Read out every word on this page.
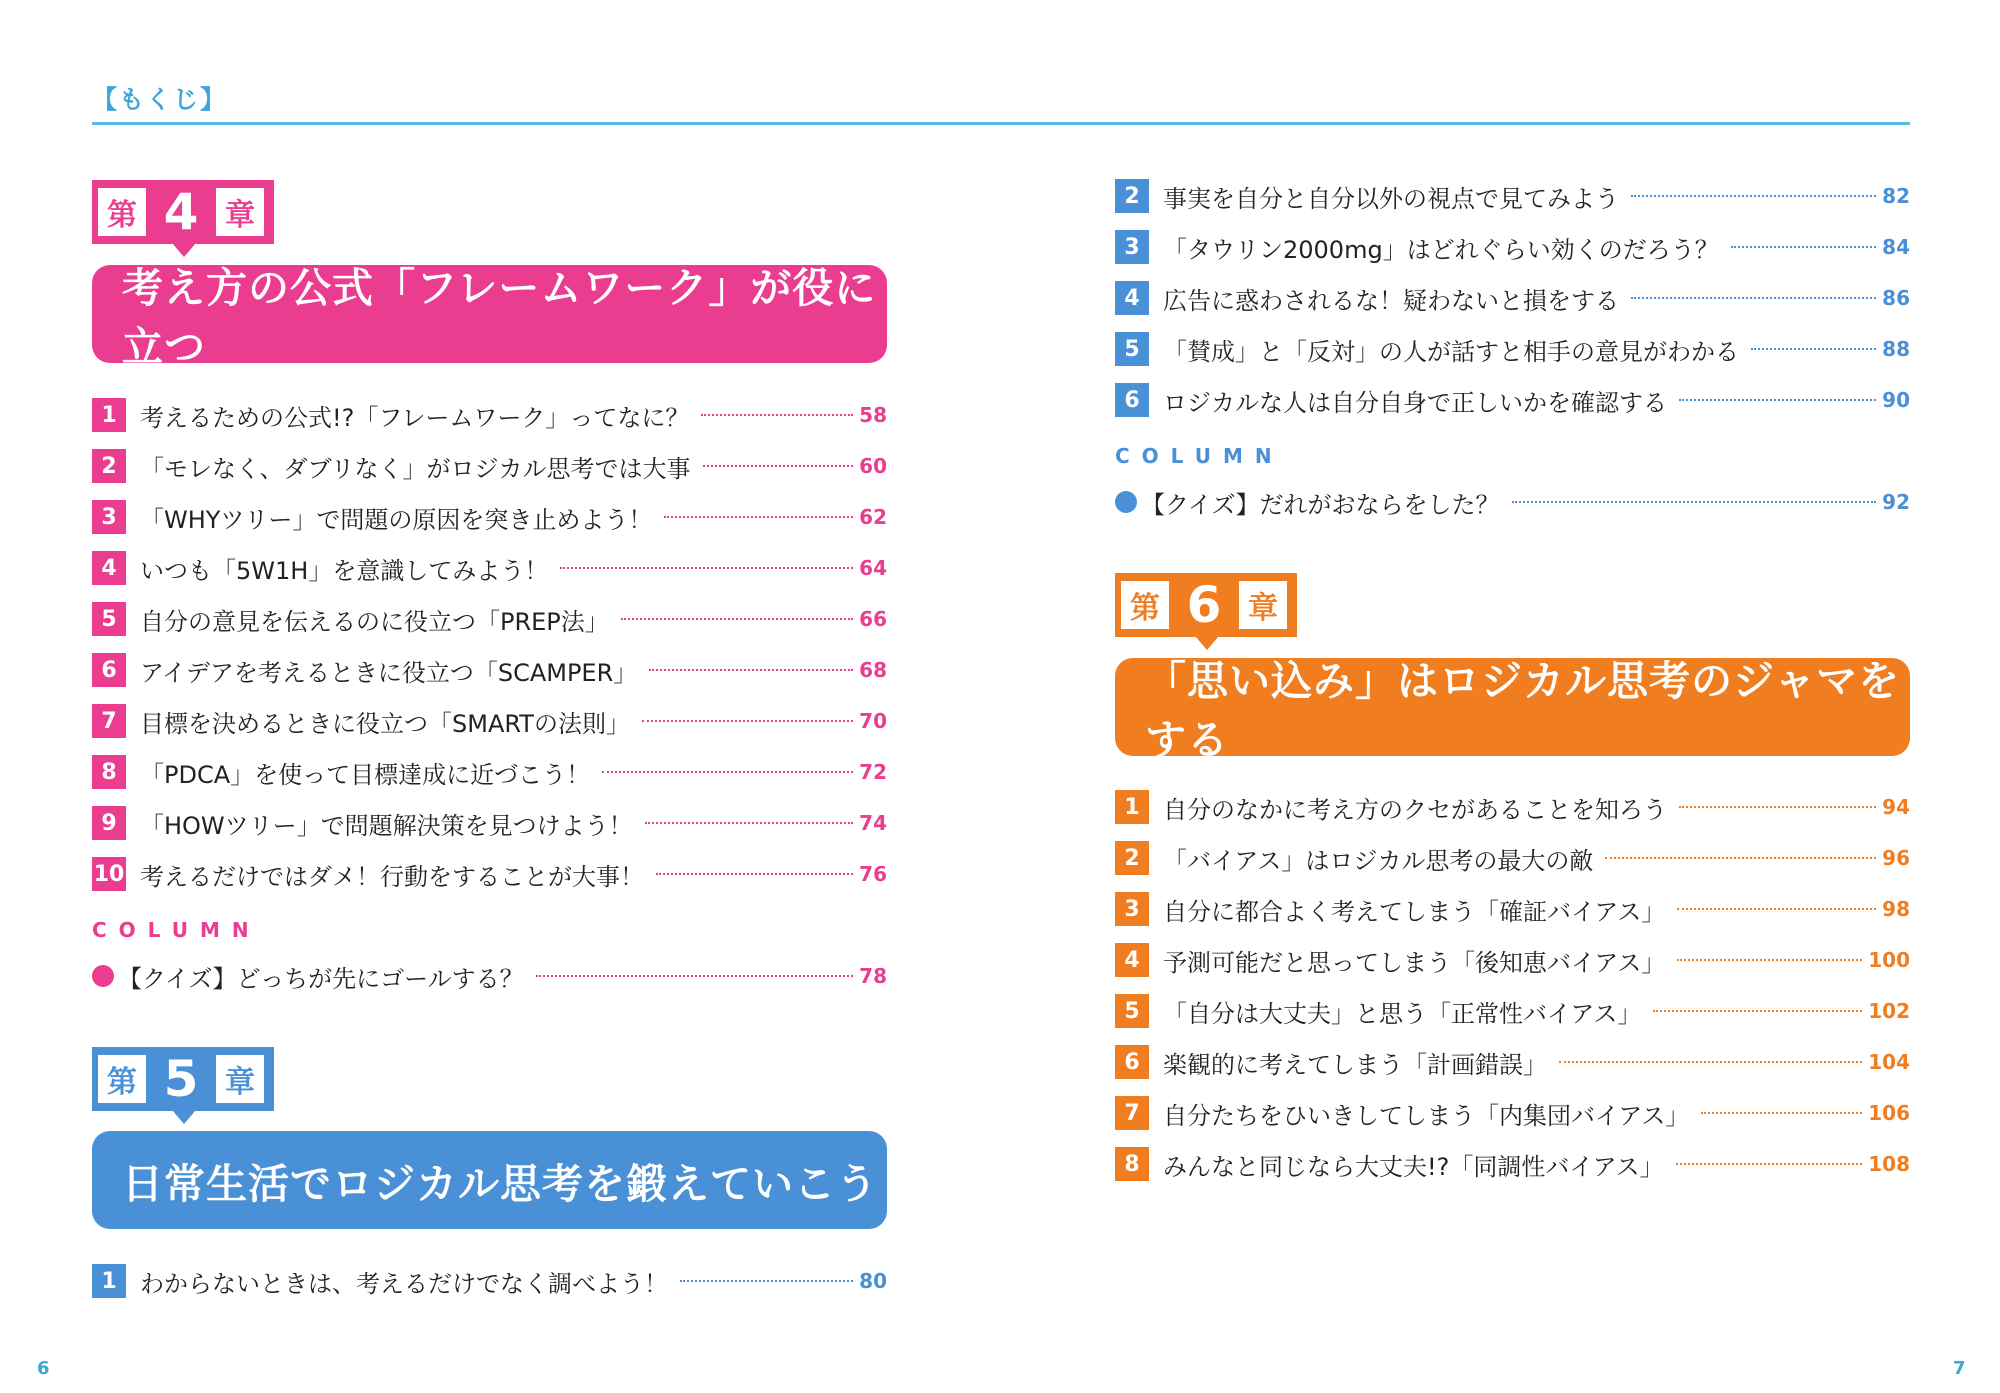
【もくじ】
第 4 章
考え方の公式「フレームワーク」が役に立つ
1 考えるための公式!?「フレームワーク」ってなに？	58
2 「モレなく、ダブリなく」がロジカル思考では大事	60
3 「WHYツリー」で問題の原因を突き止めよう！	62
4 いつも「5W1H」を意識してみよう！	64
5 自分の意見を伝えるのに役立つ「PREP法」	66
6 アイデアを考えるときに役立つ「SCAMPER」	68
7 目標を決めるときに役立つ「SMARTの法則」	70
8 「PDCA」を使って目標達成に近づこう！	72
9 「HOWツリー」で問題解決策を見つけよう！	74
10 考えるだけではダメ！行動をすることが大事！	76
COLUMN
【クイズ】どっちが先にゴールする？	78
第 5 章
日常生活でロジカル思考を鍛えていこう
1 わからないときは、考えるだけでなく調べよう！	80
2 事実を自分と自分以外の視点で見てみよう	82
3 「タウリン2000mg」はどれぐらい効くのだろう？	84
4 広告に惑わされるな！疑わないと損をする	86
5 「賛成」と「反対」の人が話すと相手の意見がわかる	88
6 ロジカルな人は自分自身で正しいかを確認する	90
COLUMN
【クイズ】だれがおならをした？	92
第 6 章
「思い込み」はロジカル思考のジャマをする
1 自分のなかに考え方のクセがあることを知ろう	94
2 「バイアス」はロジカル思考の最大の敵	96
3 自分に都合よく考えてしまう「確証バイアス」	98
4 予測可能だと思ってしまう「後知恵バイアス」	100
5 「自分は大丈夫」と思う「正常性バイアス」	102
6 楽観的に考えてしまう「計画錯誤」	104
7 自分たちをひいきしてしまう「内集団バイアス」	106
8 みんなと同じなら大丈夫!?「同調性バイアス」	108
6	7
